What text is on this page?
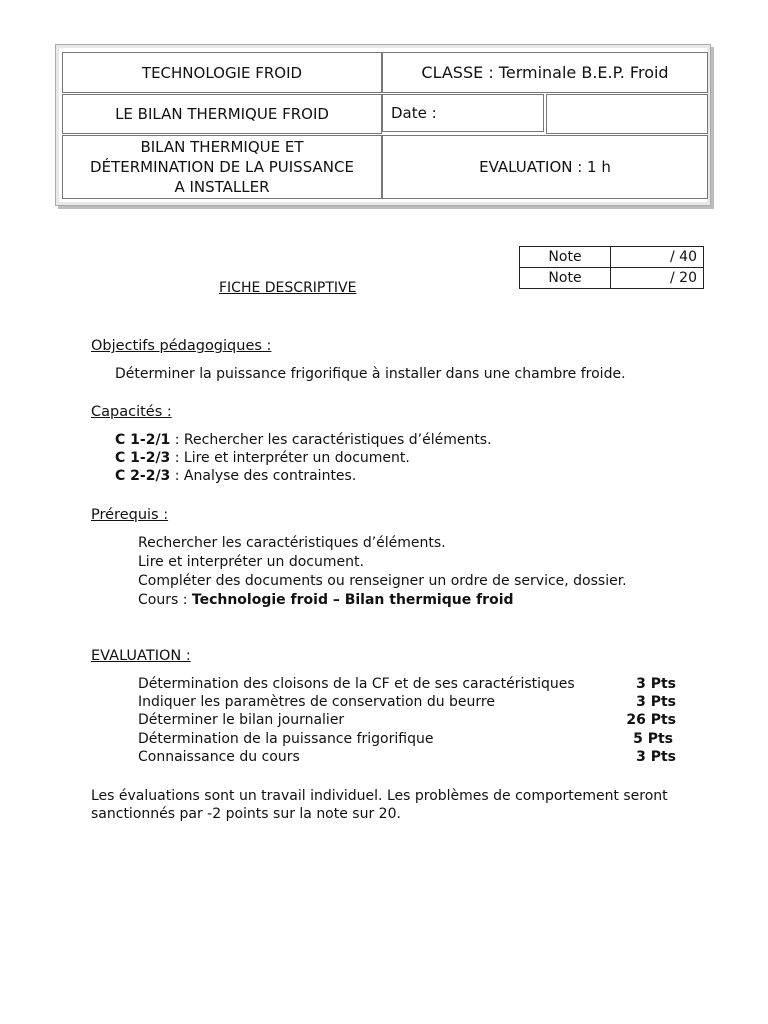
TECHNOLOGIE FROID	CLASSE : Terminale B.E.P. Froid
LE BILAN THERMIQUE FROID	Date :
BILAN THERMIQUE ET
DÉTERMINATION DE LA PUISSANCE
A INSTALLER
EVALUATION : 1 h
Note	/ 40
Note	/ 20
FICHE DESCRIPTIVE
Objectifs pédagogiques :
Déterminer la puissance frigorifique à installer dans une chambre froide.
Capacités :
C 1-2/1 : Rechercher les caractéristiques d’éléments.
C 1-2/3 : Lire et interpréter un document.
C 2-2/3 : Analyse des contraintes.
Prérequis :
Rechercher les caractéristiques d’éléments.
Lire et interpréter un document.
Compléter des documents ou renseigner un ordre de service, dossier.
Cours : Technologie froid – Bilan thermique froid
EVALUATION :
Détermination des cloisons de la CF et de ses caractéristiques	3 Pts
Indiquer les paramètres de conservation du beurre	3 Pts
Déterminer le bilan journalier	26 Pts
Détermination de la puissance frigorifique	5 Pts
Connaissance du cours	3 Pts
Les évaluations sont un travail individuel. Les problèmes de comportement seront
sanctionnés par -2 points sur la note sur 20.
